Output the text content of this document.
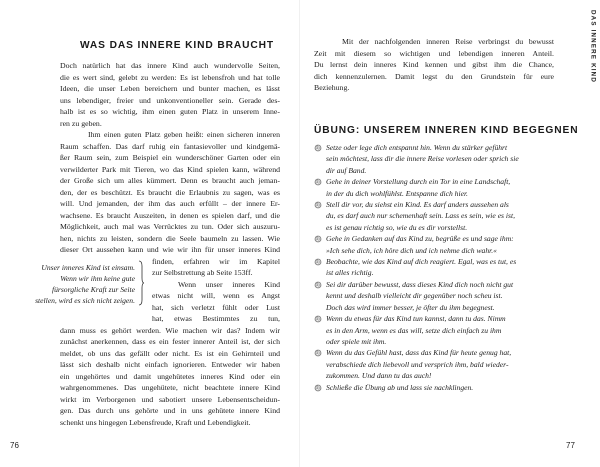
WAS DAS INNERE KIND BRAUCHT
Doch natürlich hat das innere Kind auch wundervolle Seiten,
die es wert sind, gelebt zu werden: Es ist lebensfroh und hat tolle
Ideen, die unser Leben bereichern und bunter machen, es lässt
uns lebendiger, freier und unkonventioneller sein. Gerade des-
halb ist es so wichtig, ihm einen guten Platz in unserem Inne-
ren zu geben.
Ihm einen guten Platz geben heißt: einen sicheren inneren
Raum schaffen. Das darf ruhig ein fantasievoller und kindgemä-
ßer Raum sein, zum Beispiel ein wunderschöner Garten oder ein
verwilderter Park mit Tieren, wo das Kind spielen kann, während
der Große sich um alles kümmert. Denn es braucht auch jeman-
den, der es beschützt. Es braucht die Erlaubnis zu sagen, was es
will. Und jemanden, der ihm das auch erfüllt – der innere Er-
wachsene. Es braucht Auszeiten, in denen es spielen darf, und die
Möglichkeit, auch mal was Verrücktes zu tun. Oder sich auszuru-
hen, nichts zu leisten, sondern die Seele baumeln zu lassen. Wie
dieser Ort aussehen kann und wie wir ihn für unser inneres Kind
finden, erfahren wir im Kapitel
zur Selbstrettung ab Seite 153ff.
Wenn unser inneres Kind
etwas nicht will, wenn es Angst
hat, sich verletzt fühlt oder Lust
hat, etwas Bestimmtes zu tun,
dann muss es gehört werden. Wie machen wir das? Indem wir
zunächst anerkennen, dass es ein fester innerer Anteil ist, der sich
meldet, ob uns das gefällt oder nicht. Es ist ein Gehirnteil und
lässt sich deshalb nicht einfach ignorieren. Entweder wir haben
ein ungehörtes und damit ungehütetes inneres Kind oder ein
wahrgenommenes. Das ungehütete, nicht beachtete innere Kind
wirkt im Verborgenen und sabotiert unsere Lebensentscheidun-
gen. Das durch uns gehörte und in uns gehütete innere Kind
schenkt uns hingegen Lebensfreude, Kraft und Lebendigkeit.
Unser inneres Kind ist einsam.
Wenn wir ihm keine gute
fürsorgliche Kraft zur Seite
stellen, wird es sich nicht zeigen.
76
Mit der nachfolgenden inneren Reise verbringst du bewusst
Zeit mit diesem so wichtigen und lebendigen inneren Anteil.
Du lernst dein inneres Kind kennen und gibst ihm die Chance,
dich kennenzulernen. Damit legst du den Grundstein für eure
Beziehung.
ÜBUNG: UNSEREM INNEREN KIND BEGEGNEN
Setze oder lege dich entspannt hin. Wenn du stärker geführt
sein möchtest, lass dir die innere Reise vorlesen oder sprich sie
dir auf Band.
Gehe in deiner Vorstellung durch ein Tor in eine Landschaft,
in der du dich wohlfühlst. Entspanne dich hier.
Stell dir vor, du siehst ein Kind. Es darf anders aussehen als
du, es darf auch nur schemenhaft sein. Lass es sein, wie es ist,
es ist genau richtig so, wie du es dir vorstellst.
Gehe in Gedanken auf das Kind zu, begrüße es und sage ihm:
»Ich sehe dich, ich höre dich und ich nehme dich wahr.«
Beobachte, wie das Kind auf dich reagiert. Egal, was es tut, es
ist alles richtig.
Sei dir darüber bewusst, dass dieses Kind dich noch nicht gut
kennt und deshalb vielleicht dir gegenüber noch scheu ist.
Doch das wird immer besser, je öfter du ihm begegnest.
Wenn du etwas für das Kind tun kannst, dann tu das. Nimm
es in den Arm, wenn es das will, setze dich einfach zu ihm
oder spiele mit ihm.
Wenn du das Gefühl hast, dass das Kind für heute genug hat,
verabschiede dich liebevoll und versprich ihm, bald wieder-
zukommen. Und dann tu das auch!
Schließe die Übung ab und lass sie nachklingen.
77
DAS INNERE KIND
